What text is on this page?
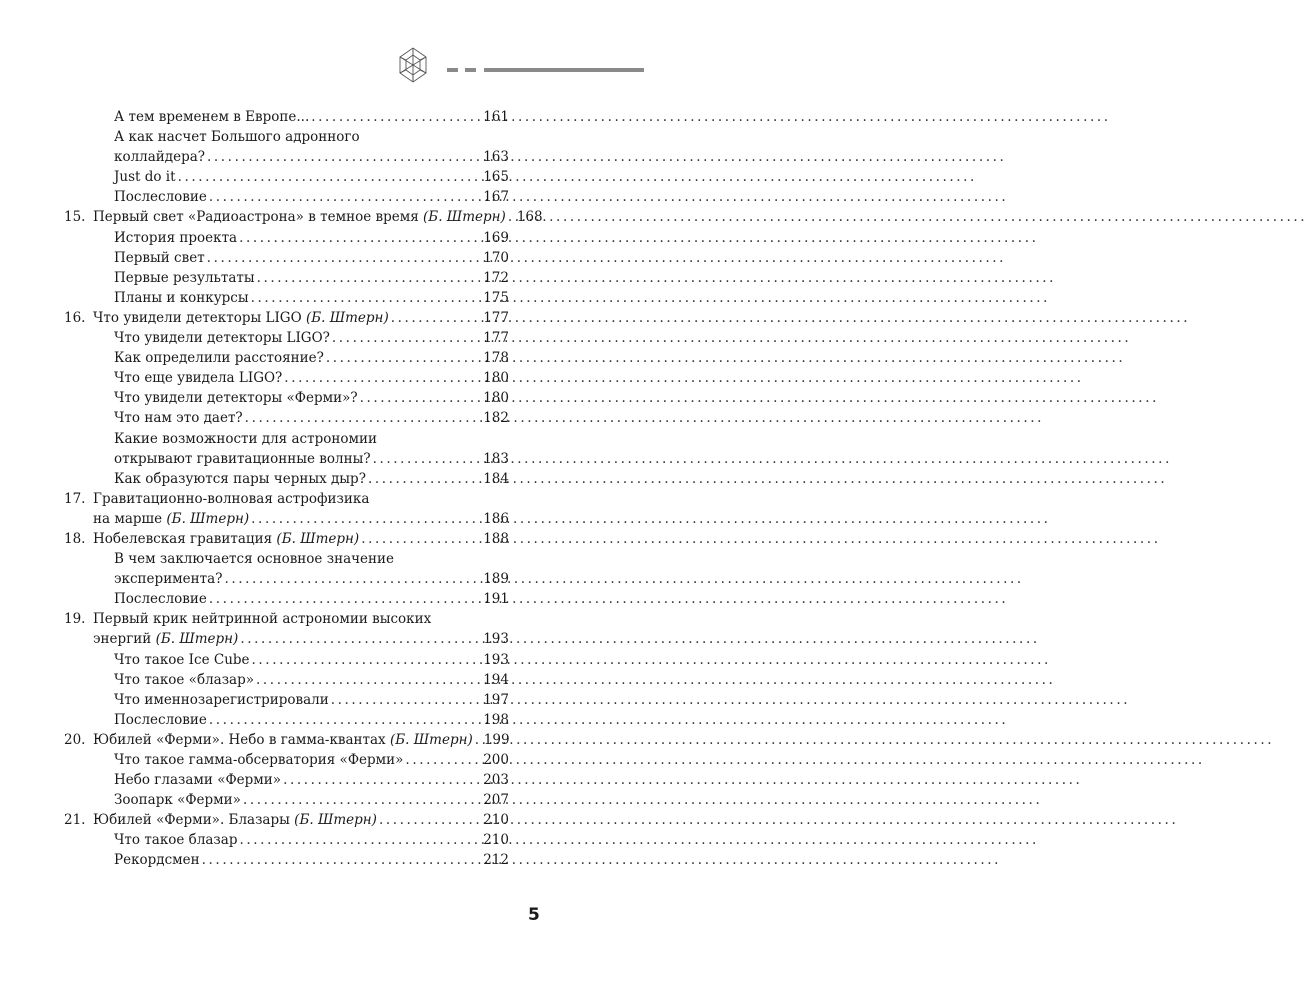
А тем временем в Европе... .....	161
А как насчет Большого адронного
коллайдера? .....	163
Just do it .....	165
Послесловие .....	167
15. Первый свет «Радиоастрона» в темное время
(Б. Штерн) ..... 168
История проекта .....	169
Первый свет .....	170
Первые результаты .....	172
Планы и конкурсы .....	175
16. Что увидели детекторы LIGO
(Б. Штерн) .....	177
Что увидели детекторы LIGO? .....	177
Как определили расстояние? .....	178
Что еще увидела LIGO? .....	180
Что увидели детекторы «Ферми»? .....	180
Что нам это дает? .....	182
Какие возможности для астрономии
открывают гравитационные волны? .....	183
Как образуются пары черных дыр? .....	184
17. Гравитационно-волновая астрофизика
на марше
(Б. Штерн) .....	186
18. Нобелевская гравитация
(Б. Штерн) .....	188
В чем заключается основное значение
эксперимента? .....	189
Послесловие .....	191
19. Первый крик нейтринной астрономии высоких
энергий
(Б. Штерн) .....	193
Что такое Ice Cube .....	193
Что такое «блазар» .....	194
Что именнозарегистрировали .....	197
Послесловие .....	198
20. Юбилей «Ферми». Небо в гамма-квантах
(Б. Штерн) ..... 199
Что такое гамма-обсерватория «Ферми» .....	200
Небо глазами «Ферми» .....	203
Зоопарк «Ферми» .....	207
21. Юбилей «Ферми». Блазары
(Б. Штерн) .....	210
Что такое блазар .....	210
Рекордсмен .....	212
5
